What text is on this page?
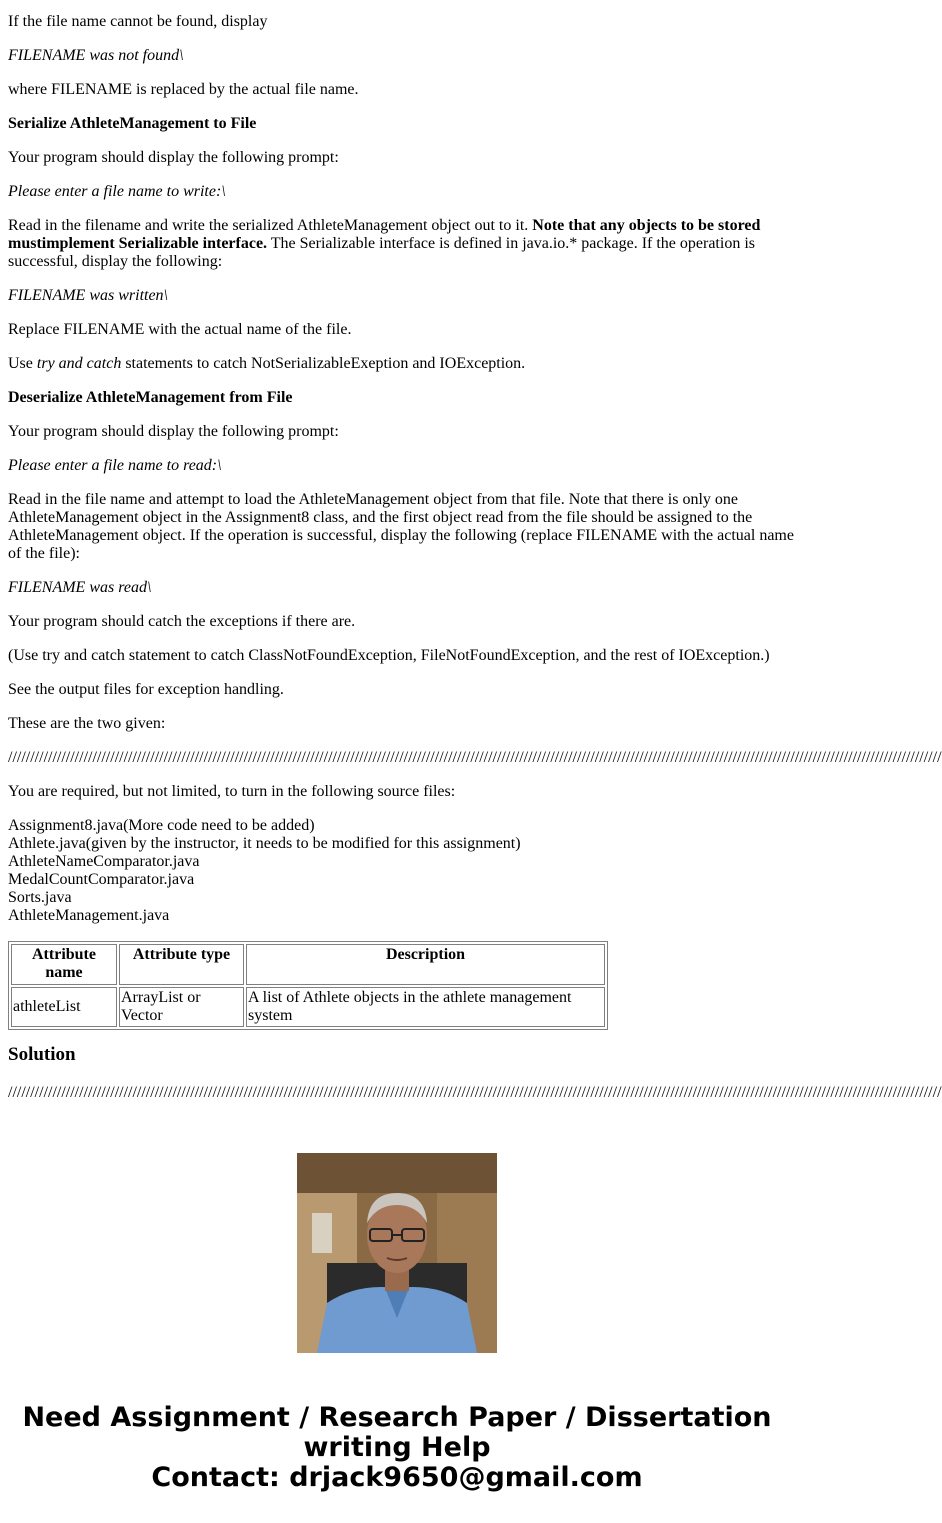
If the file name cannot be found, display

FILENAME was not found\

where FILENAME is replaced by the actual file name.

Serialize AthleteManagement to File

Your program should display the following prompt:

Please enter a file name to write:\

Read in the filename and write the serialized AthleteManagement object out to it. Note that any objects to be stored mustimplement Serializable interface. The Serializable interface is defined in java.io.* package. If the operation is successful, display the following:

FILENAME was written\

Replace FILENAME with the actual name of the file.

Use try and catch statements to catch NotSerializableExeption and IOException.

Deserialize AthleteManagement from File

Your program should display the following prompt:

Please enter a file name to read:\

Read in the file name and attempt to load the AthleteManagement object from that file. Note that there is only one AthleteManagement object in the Assignment8 class, and the first object read from the file should be assigned to the AthleteManagement object. If the operation is successful, display the following (replace FILENAME with the actual name of the file):

FILENAME was read\

Your program should catch the exceptions if there are.

(Use try and catch statement to catch ClassNotFoundException, FileNotFoundException, and the rest of IOException.)

See the output files for exception handling.

These are the two given:

//////////////////////////////////////////////////////////////////////////////////////////////////////////////////////////////////////////////////////////////////////////////////////////////////////////////////

You are required, but not limited, to turn in the following source files:

Assignment8.java(More code need to be added)
Athlete.java(given by the instructor, it needs to be modified for this assignment)
AthleteNameComparator.java
MedalCountComparator.java
Sorts.java
AthleteManagement.java
Attribute name	Attribute type	Description
athleteList	ArrayList or Vector	A list of Athlete objects in the athlete management system
Solution

//////////////////////////////////////////////////////////////////////////////////////////////////////////////////////////////////////////////////////////////////////////////////////////////////////////////////

Need Assignment / Research Paper / Dissertation
writing Help
Contact: drjack9650@gmail.com
